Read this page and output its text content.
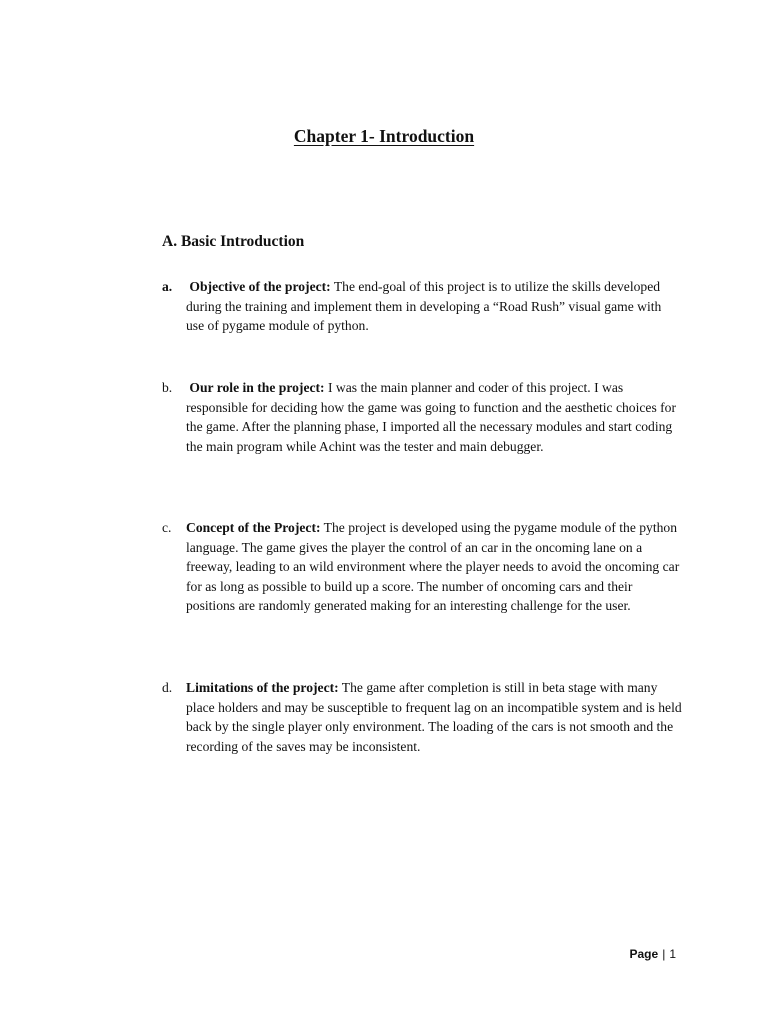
Chapter 1- Introduction
A. Basic Introduction
a.	Objective of the project: The end-goal of this project is to utilize the skills developed during the training and implement them in developing a “Road Rush” visual game with use of pygame module of python.
b.	Our role in the project: I was the main planner and coder of this project. I was responsible for deciding how the game was going to function and the aesthetic choices for the game. After the planning phase, I imported all the necessary modules and start coding the main program while Achint was the tester and main debugger.
c.	Concept of the Project: The project is developed using the pygame module of the python language. The game gives the player the control of an car in the oncoming lane on a freeway, leading to an wild environment where the player needs to avoid the oncoming car for as long as possible to build up a score. The number of oncoming cars and their positions are randomly generated making for an interesting challenge for the user.
d.	Limitations of the project: The game after completion is still in beta stage with many place holders and may be susceptible to frequent lag on an incompatible system and is held back by the single player only environment. The loading of the cars is not smooth and the recording of the saves may be inconsistent.
Page | 1
